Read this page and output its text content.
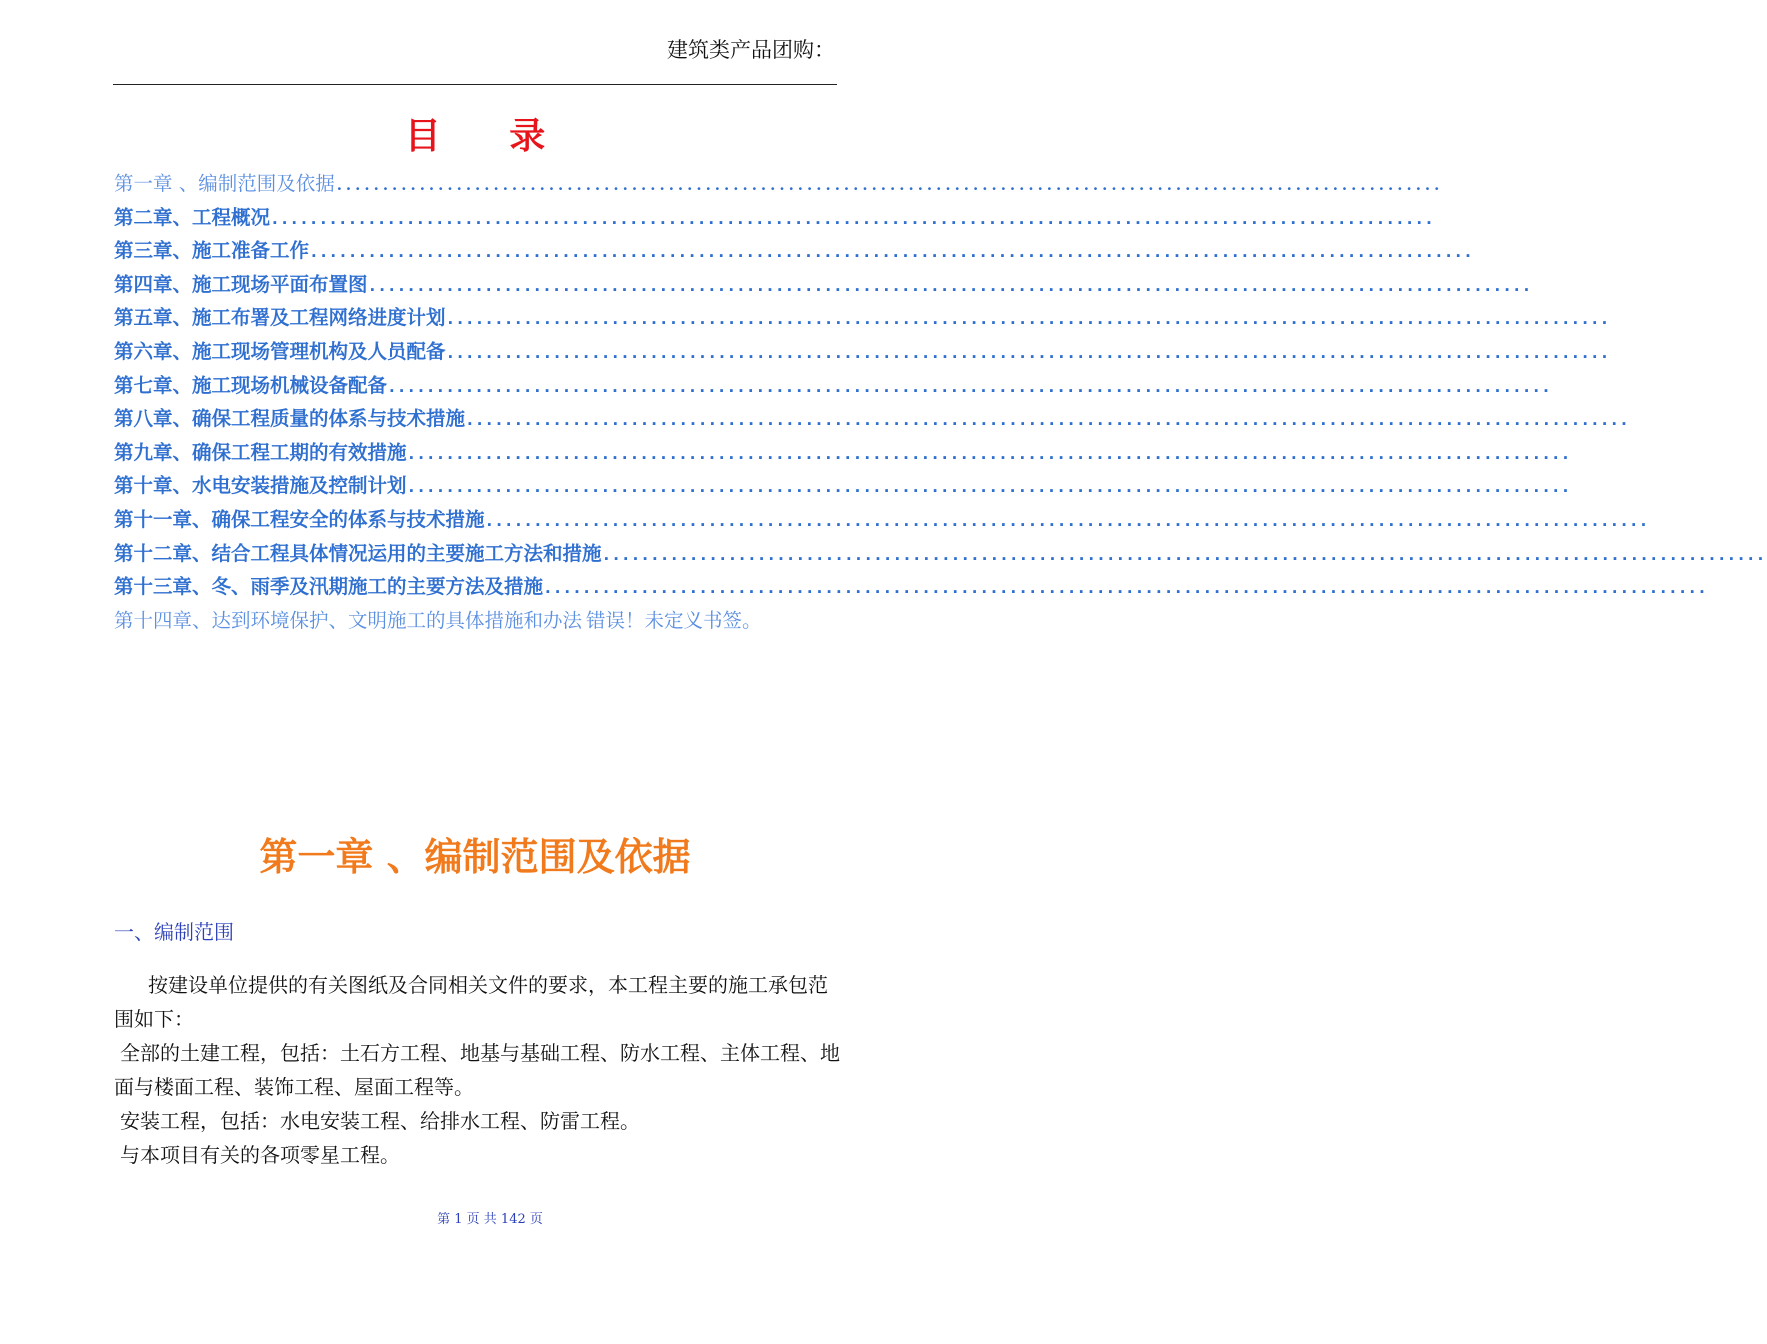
建筑类产品团购：
目 录
第一章 、编制范围及依据 ........................................................................................................................
第二章、工程概况 ........................................................................................................................
第三章、施工准备工作 ........................................................................................................................
第四章、施工现场平面布置图 ........................................................................................................................
第五章、施工布署及工程网络进度计划 ........................................................................................................................
第六章、施工现场管理机构及人员配备 ........................................................................................................................
第七章、施工现场机械设备配备 ........................................................................................................................
第八章、确保工程质量的体系与技术措施 ........................................................................................................................
第九章、确保工程工期的有效措施 ........................................................................................................................
第十章、水电安装措施及控制计划 ........................................................................................................................
第十一章、确保工程安全的体系与技术措施 ........................................................................................................................
第十二章、结合工程具体情况运用的主要施工方法和措施 ........................................................................................................................
第十三章、冬、雨季及汛期施工的主要方法及措施 ........................................................................................................................
第十四章、达到环境保护、文明施工的具体措施和办法 错误！未定义书签。
第一章 、编制范围及依据
一、编制范围

按建设单位提供的有关图纸及合同相关文件的要求，本工程主要的施工承包范围如下：

全部的土建工程，包括：土石方工程、地基与基础工程、防水工程、主体工程、地面与楼面工程、装饰工程、屋面工程等。

安装工程，包括：水电安装工程、给排水工程、防雷工程。

与本项目有关的各项零星工程。

第 1 页 共 142 页
